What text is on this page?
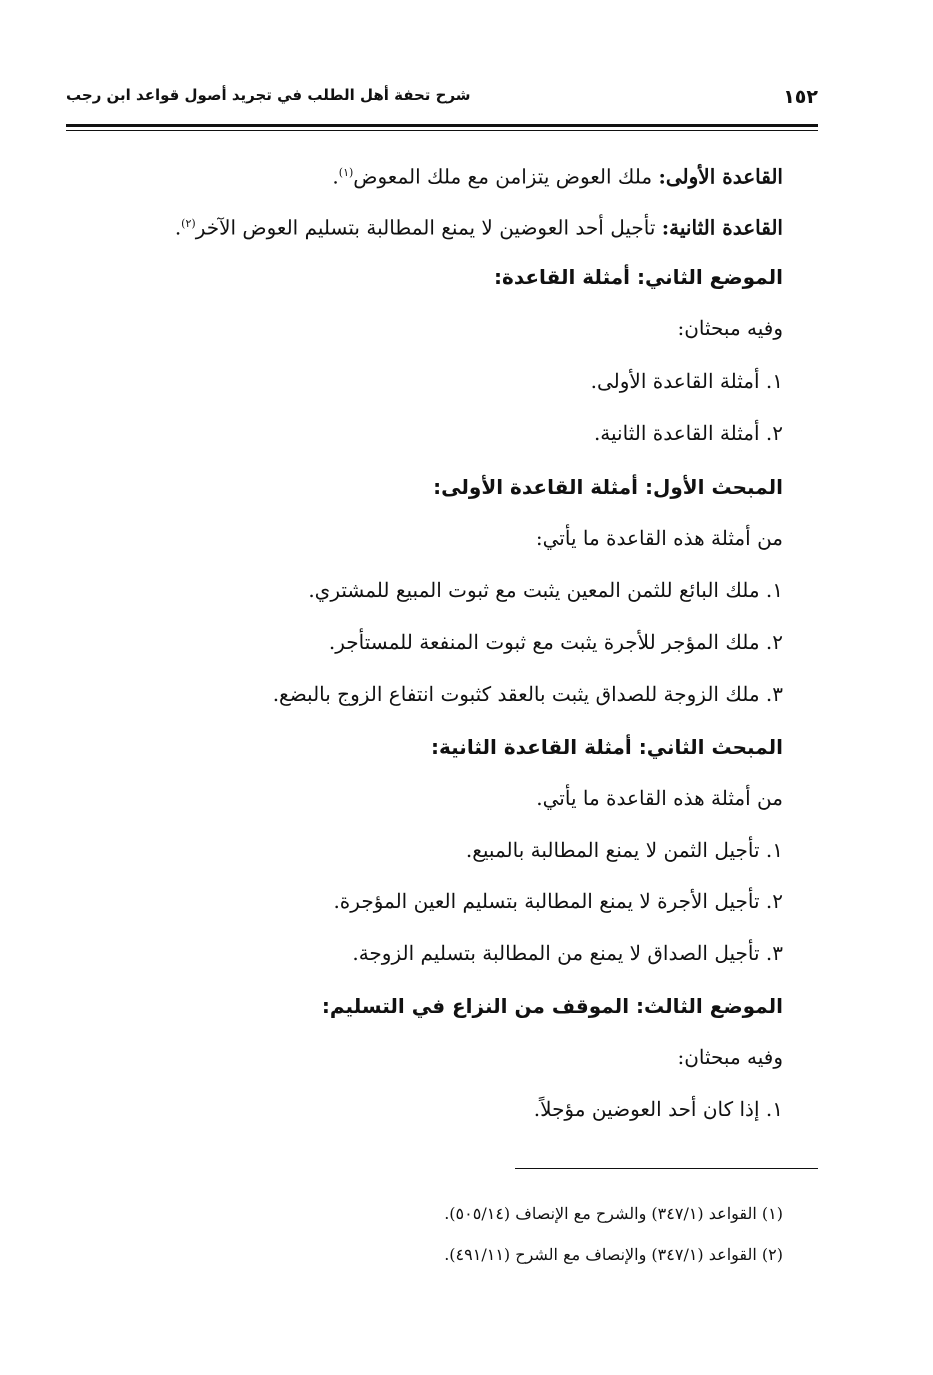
١٥٢
شرح تحفة أهل الطلب في تجريد أصول قواعد ابن رجب
القاعدة الأولى: ملك العوض يتزامن مع ملك المعوض$^{(١)}$.
القاعدة الثانية: تأجيل أحد العوضين لا يمنع المطالبة بتسليم العوض الآخر$^{(٢)}$.
الموضع الثاني: أمثلة القاعدة:
وفيه مبحثان:
١. أمثلة القاعدة الأولى.
٢. أمثلة القاعدة الثانية.
المبحث الأول: أمثلة القاعدة الأولى:
من أمثلة هذه القاعدة ما يأتي:
١. ملك البائع للثمن المعين يثبت مع ثبوت المبيع للمشتري.
٢. ملك المؤجر للأجرة يثبت مع ثبوت المنفعة للمستأجر.
٣. ملك الزوجة للصداق يثبت بالعقد كثبوت انتفاع الزوج بالبضع.
المبحث الثاني: أمثلة القاعدة الثانية:
من أمثلة هذه القاعدة ما يأتي.
١. تأجيل الثمن لا يمنع المطالبة بالمبيع.
٢. تأجيل الأجرة لا يمنع المطالبة بتسليم العين المؤجرة.
٣. تأجيل الصداق لا يمنع من المطالبة بتسليم الزوجة.
الموضع الثالث: الموقف من النزاع في التسليم:
وفيه مبحثان:
١. إذا كان أحد العوضين مؤجلاً.
(١) القواعد (٣٤٧/١) والشرح مع الإنصاف (٥٠٥/١٤).
(٢) القواعد (٣٤٧/١) والإنصاف مع الشرح (٤٩١/١١).
